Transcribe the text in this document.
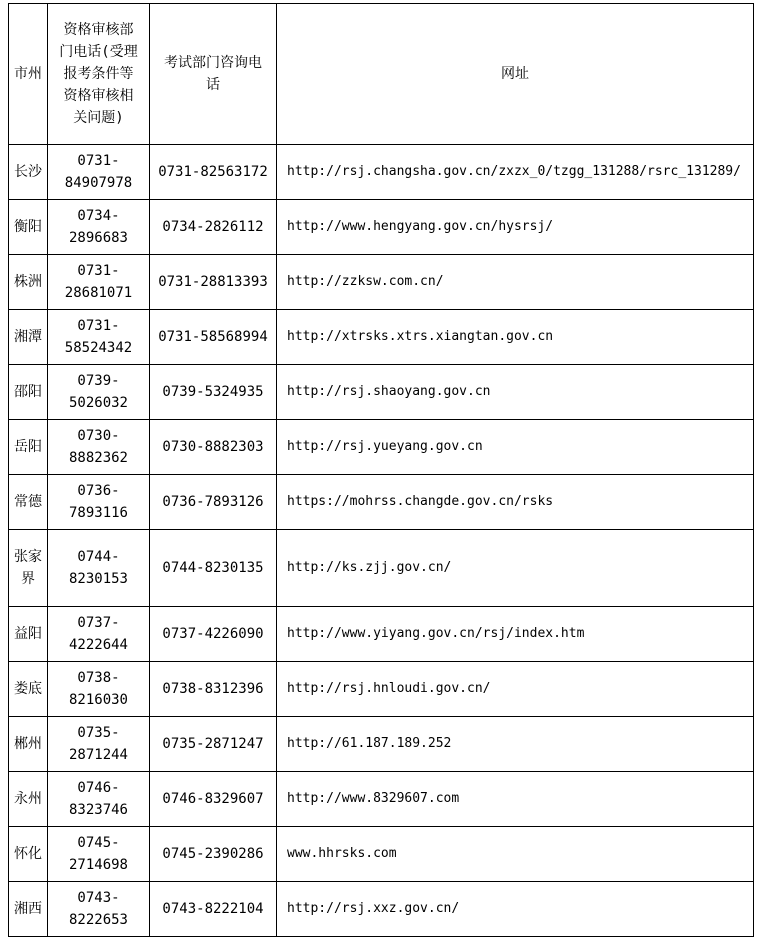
市州	资格审核部门电话(受理报考条件等资格审核相关问题)	考试部门咨询电话	网址
长沙	0731-84907978	0731-82563172	http://rsj.changsha.gov.cn/zxzx_0/tzgg_131288/rsrc_131289/
衡阳	0734-2896683	0734-2826112	http://www.hengyang.gov.cn/hysrsj/
株洲	0731-28681071	0731-28813393	http://zzksw.com.cn/
湘潭	0731-58524342	0731-58568994	http://xtrsks.xtrs.xiangtan.gov.cn
邵阳	0739-5026032	0739-5324935	http://rsj.shaoyang.gov.cn
岳阳	0730-8882362	0730-8882303	http://rsj.yueyang.gov.cn
常德	0736-7893116	0736-7893126	https://mohrss.changde.gov.cn/rsks
张家界	0744-8230153	0744-8230135	http://ks.zjj.gov.cn/
益阳	0737-4222644	0737-4226090	http://www.yiyang.gov.cn/rsj/index.htm
娄底	0738-8216030	0738-8312396	http://rsj.hnloudi.gov.cn/
郴州	0735-2871244	0735-2871247	http://61.187.189.252
永州	0746-8323746	0746-8329607	http://www.8329607.com
怀化	0745-2714698	0745-2390286	www.hhrsks.com
湘西	0743-8222653	0743-8222104	http://rsj.xxz.gov.cn/
